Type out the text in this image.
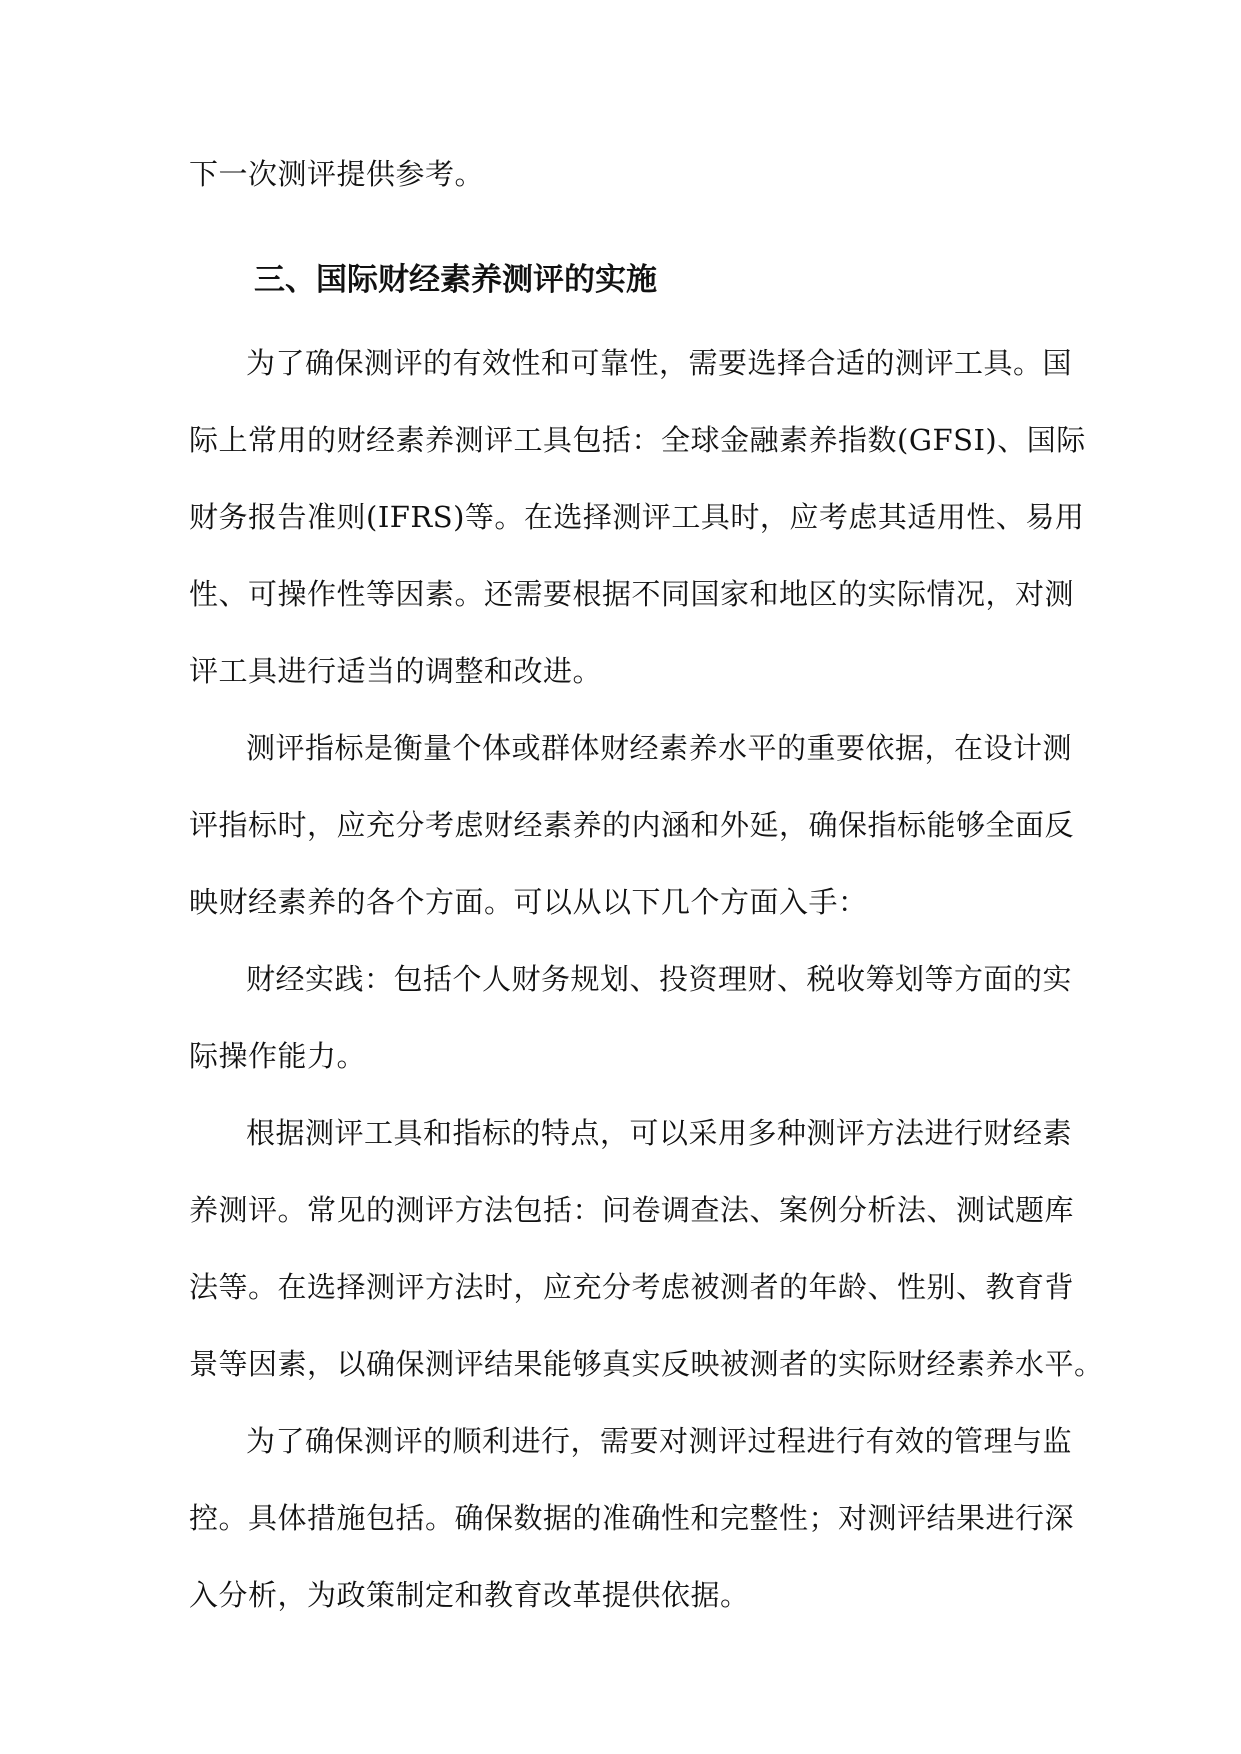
下一次测评提供参考。
三、国际财经素养测评的实施
为了确保测评的有效性和可靠性，需要选择合适的测评工具。国
际上常用的财经素养测评工具包括：全球金融素养指数(GFSI)、国际
财务报告准则(IFRS)等。在选择测评工具时，应考虑其适用性、易用
性、可操作性等因素。还需要根据不同国家和地区的实际情况，对测
评工具进行适当的调整和改进。
测评指标是衡量个体或群体财经素养水平的重要依据，在设计测
评指标时，应充分考虑财经素养的内涵和外延，确保指标能够全面反
映财经素养的各个方面。可以从以下几个方面入手：
财经实践：包括个人财务规划、投资理财、税收筹划等方面的实
际操作能力。
根据测评工具和指标的特点，可以采用多种测评方法进行财经素
养测评。常见的测评方法包括：问卷调查法、案例分析法、测试题库
法等。在选择测评方法时，应充分考虑被测者的年龄、性别、教育背
景等因素，以确保测评结果能够真实反映被测者的实际财经素养水平。
为了确保测评的顺利进行，需要对测评过程进行有效的管理与监
控。具体措施包括。确保数据的准确性和完整性；对测评结果进行深
入分析，为政策制定和教育改革提供依据。
